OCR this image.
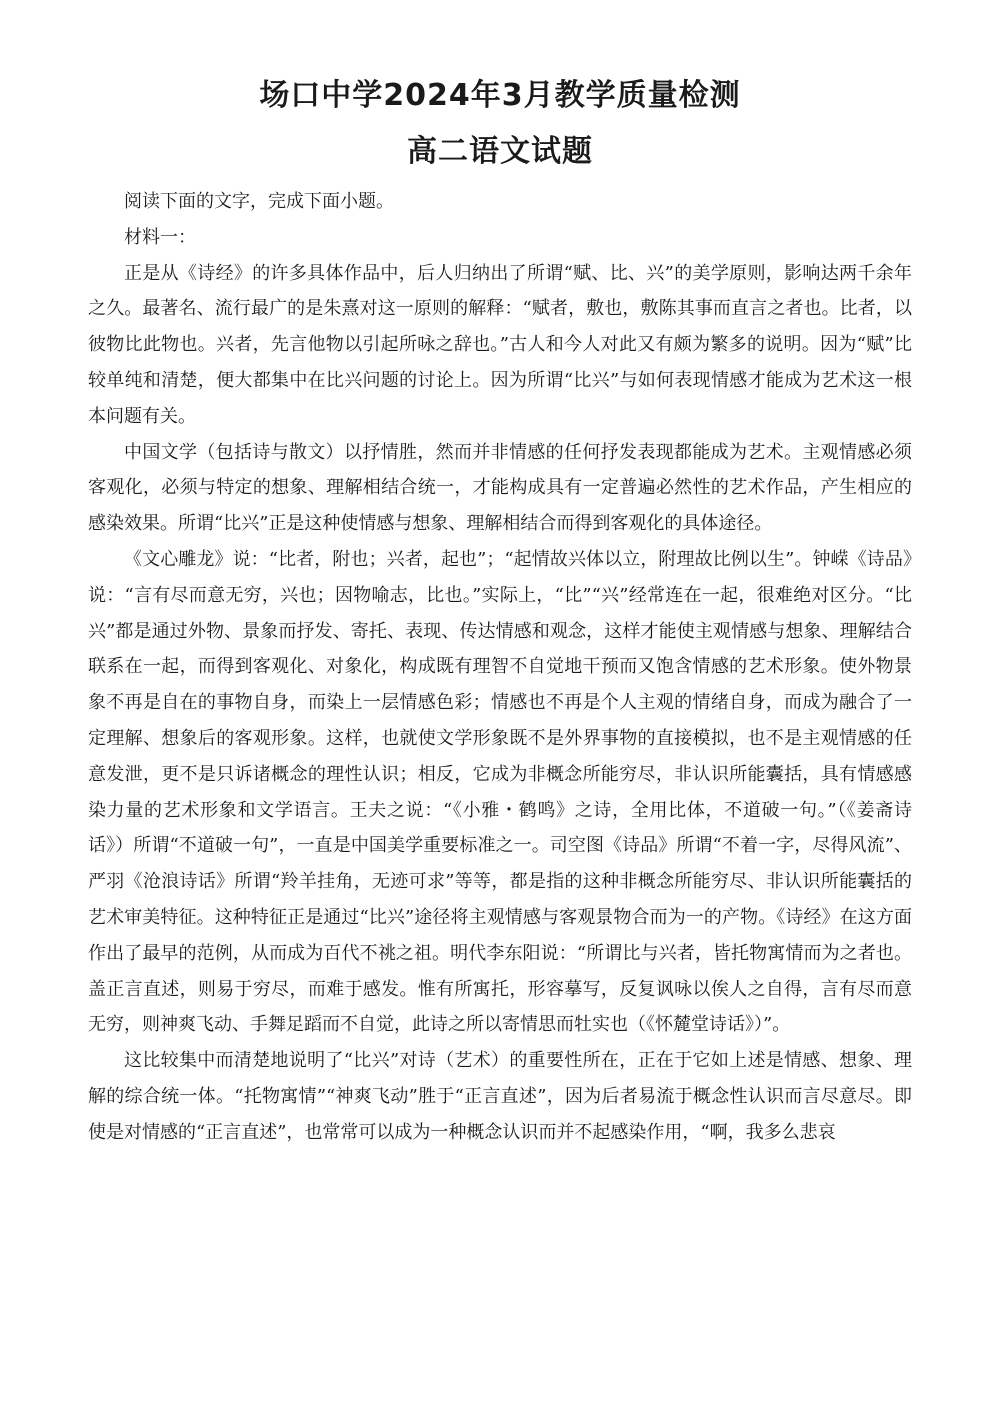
场口中学2024年3月教学质量检测
高二语文试题

阅读下面的文字，完成下面小题。

材料一：

正是从《诗经》的许多具体作品中，后人归纳出了所谓“赋、比、兴”的美学原则，影响达两千余年之久。最著名、流行最广的是朱熹对这一原则的解释：“赋者，敷也，敷陈其事而直言之者也。比者，以彼物比此物也。兴者，先言他物以引起所咏之辞也。”古人和今人对此又有颇为繁多的说明。因为“赋”比较单纯和清楚，便大都集中在比兴问题的讨论上。因为所谓“比兴”与如何表现情感才能成为艺术这一根本问题有关。

中国文学（包括诗与散文）以抒情胜，然而并非情感的任何抒发表现都能成为艺术。主观情感必须客观化，必须与特定的想象、理解相结合统一，才能构成具有一定普遍必然性的艺术作品，产生相应的感染效果。所谓“比兴”正是这种使情感与想象、理解相结合而得到客观化的具体途径。

《文心雕龙》说：“比者，附也；兴者，起也”；“起情故兴体以立，附理故比例以生”。钟嵘《诗品》说：“言有尽而意无穷，兴也；因物喻志，比也。”实际上，“比”“兴”经常连在一起，很难绝对区分。“比兴”都是通过外物、景象而抒发、寄托、表现、传达情感和观念，这样才能使主观情感与想象、理解结合联系在一起，而得到客观化、对象化，构成既有理智不自觉地干预而又饱含情感的艺术形象。使外物景象不再是自在的事物自身，而染上一层情感色彩；情感也不再是个人主观的情绪自身，而成为融合了一定理解、想象后的客观形象。这样，也就使文学形象既不是外界事物的直接模拟，也不是主观情感的任意发泄，更不是只诉诸概念的理性认识；相反，它成为非概念所能穷尽，非认识所能囊括，具有情感感染力量的艺术形象和文学语言。王夫之说：“《小雅・鹤鸣》之诗，全用比体，不道破一句。”（《姜斋诗话》）所谓“不道破一句”，一直是中国美学重要标准之一。司空图《诗品》所谓“不着一字，尽得风流”、严羽《沧浪诗话》所谓“羚羊挂角，无迹可求”等等，都是指的这种非概念所能穷尽、非认识所能囊括的艺术审美特征。这种特征正是通过“比兴”途径将主观情感与客观景物合而为一的产物。《诗经》在这方面作出了最早的范例，从而成为百代不祧之祖。明代李东阳说：“所谓比与兴者，皆托物寓情而为之者也。盖正言直述，则易于穷尽，而难于感发。惟有所寓托，形容摹写，反复讽咏以俟人之自得，言有尽而意无穷，则神爽飞动、手舞足蹈而不自觉，此诗之所以寄情思而牡实也（《怀麓堂诗话》）”。

这比较集中而清楚地说明了“比兴”对诗（艺术）的重要性所在，正在于它如上述是情感、想象、理解的综合统一体。“托物寓情”“神爽飞动”胜于“正言直述”，因为后者易流于概念性认识而言尽意尽。即使是对情感的“正言直述”，也常常可以成为一种概念认识而并不起感染作用，“啊，我多么悲哀
